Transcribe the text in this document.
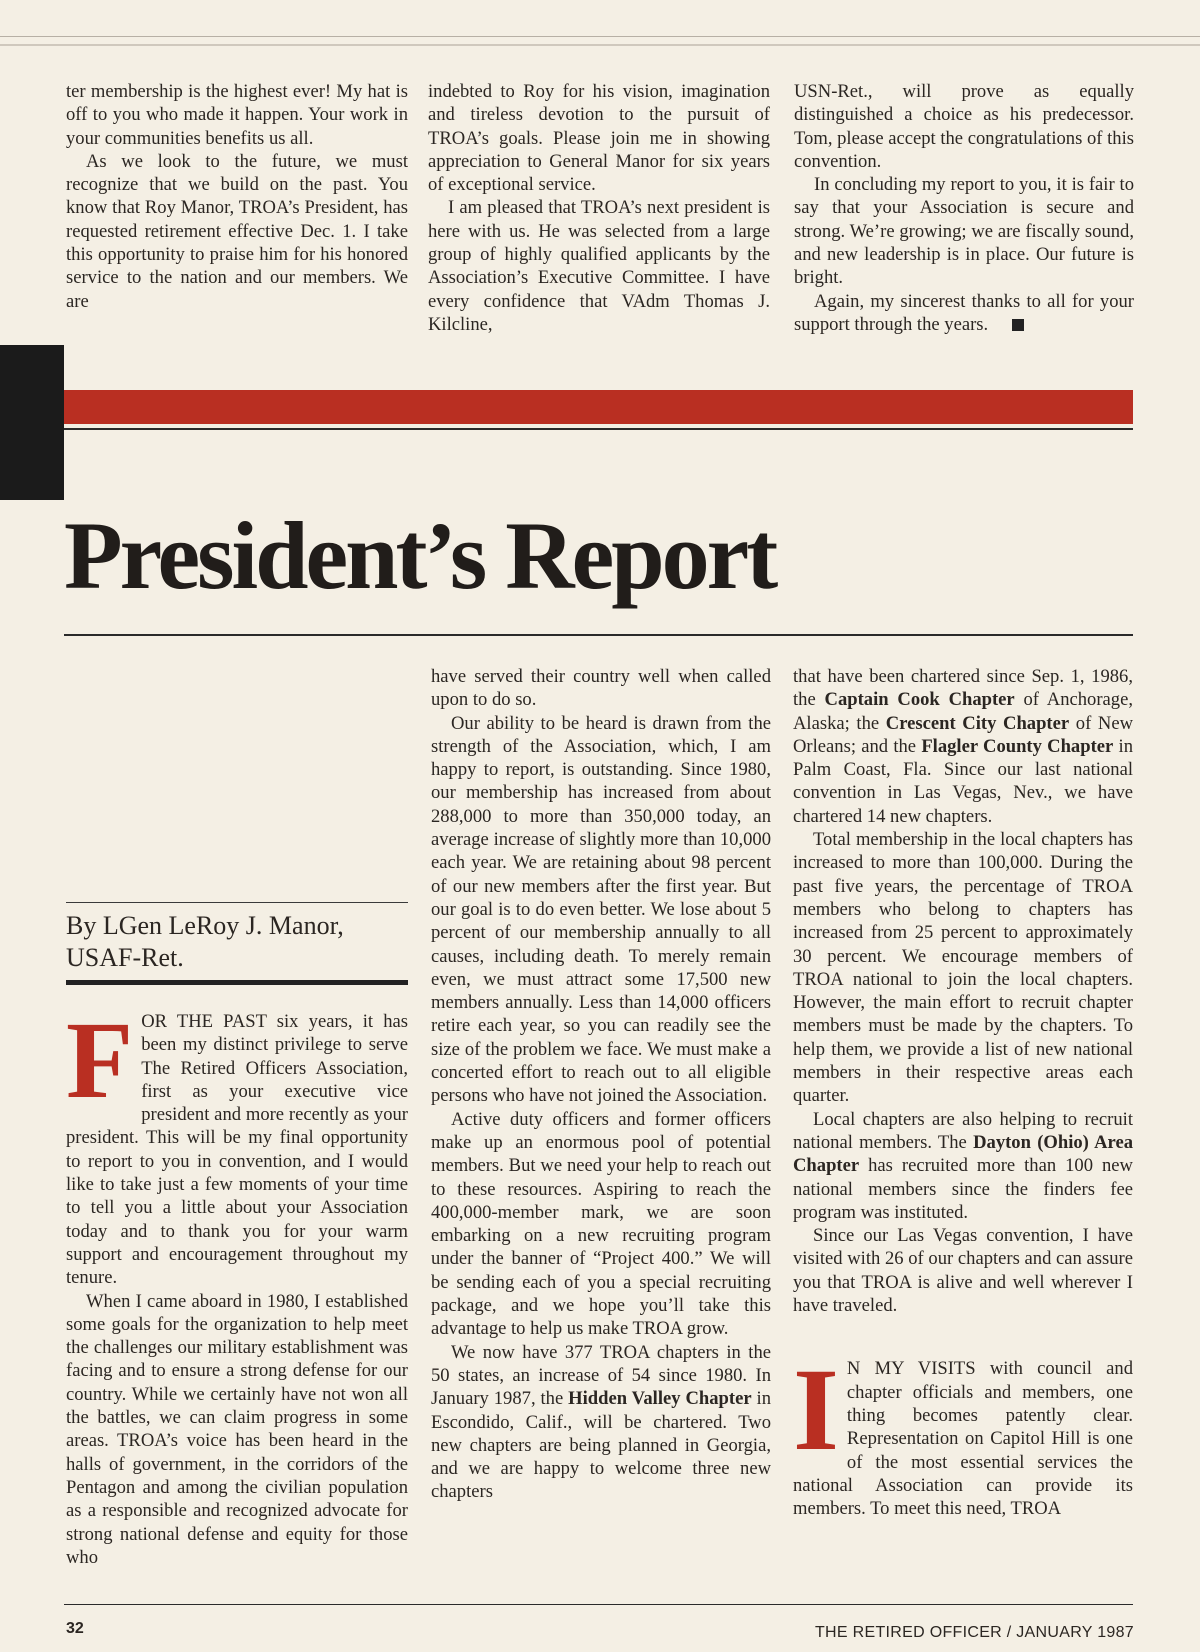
ter membership is the highest ever! My hat is off to you who made it happen. Your work in your communities benefits us all.

As we look to the future, we must recognize that we build on the past. You know that Roy Manor, TROA’s President, has requested retirement effective Dec. 1. I take this opportunity to praise him for his honored service to the nation and our members. We are

indebted to Roy for his vision, imagination and tireless devotion to the pursuit of TROA’s goals. Please join me in showing appreciation to General Manor for six years of exceptional service.

I am pleased that TROA’s next president is here with us. He was selected from a large group of highly qualified applicants by the Association’s Executive Committee. I have every confidence that VAdm Thomas J. Kilcline,

USN-Ret., will prove as equally distinguished a choice as his predecessor. Tom, please accept the congratulations of this convention.

In concluding my report to you, it is fair to say that your Association is secure and strong. We’re growing; we are fiscally sound, and new leadership is in place. Our future is bright.

Again, my sincerest thanks to all for your support through the years.

President’s Report
By LGen LeRoy J. Manor, USAF-Ret.

FOR THE PAST six years, it has been my distinct privilege to serve The Retired Officers Association, first as your executive vice president and more recently as your president. This will be my final opportunity to report to you in convention, and I would like to take just a few moments of your time to tell you a little about your Association today and to thank you for your warm support and encouragement throughout my tenure.

When I came aboard in 1980, I established some goals for the organization to help meet the challenges our military establishment was facing and to ensure a strong defense for our country. While we certainly have not won all the battles, we can claim progress in some areas. TROA’s voice has been heard in the halls of government, in the corridors of the Pentagon and among the civilian population as a responsible and recognized advocate for strong national defense and equity for those who

have served their country well when called upon to do so.

Our ability to be heard is drawn from the strength of the Association, which, I am happy to report, is outstanding. Since 1980, our membership has increased from about 288,000 to more than 350,000 today, an average increase of slightly more than 10,000 each year. We are retaining about 98 percent of our new members after the first year. But our goal is to do even better. We lose about 5 percent of our membership annually to all causes, including death. To merely remain even, we must attract some 17,500 new members annually. Less than 14,000 officers retire each year, so you can readily see the size of the problem we face. We must make a concerted effort to reach out to all eligible persons who have not joined the Association.

Active duty officers and former officers make up an enormous pool of potential members. But we need your help to reach out to these resources. Aspiring to reach the 400,000-member mark, we are soon embarking on a new recruiting program under the banner of “Project 400.” We will be sending each of you a special recruiting package, and we hope you’ll take this advantage to help us make TROA grow.

We now have 377 TROA chapters in the 50 states, an increase of 54 since 1980. In January 1987, the Hidden Valley Chapter in Escondido, Calif., will be chartered. Two new chapters are being planned in Georgia, and we are happy to welcome three new chapters

that have been chartered since Sep. 1, 1986, the Captain Cook Chapter of Anchorage, Alaska; the Crescent City Chapter of New Orleans; and the Flagler County Chapter in Palm Coast, Fla. Since our last national convention in Las Vegas, Nev., we have chartered 14 new chapters.

Total membership in the local chapters has increased to more than 100,000. During the past five years, the percentage of TROA members who belong to chapters has increased from 25 percent to approximately 30 percent. We encourage members of TROA national to join the local chapters. However, the main effort to recruit chapter members must be made by the chapters. To help them, we provide a list of new national members in their respective areas each quarter.

Local chapters are also helping to recruit national members. The Dayton (Ohio) Area Chapter has recruited more than 100 new national members since the finders fee program was instituted.

Since our Las Vegas convention, I have visited with 26 of our chapters and can assure you that TROA is alive and well wherever I have traveled.

I N MY VISITS with council and chapter officials and members, one thing becomes patently clear. Representation on Capitol Hill is one of the most essential services the national Association can provide its members. To meet this need, TROA

32	THE RETIRED OFFICER / JANUARY 1987
